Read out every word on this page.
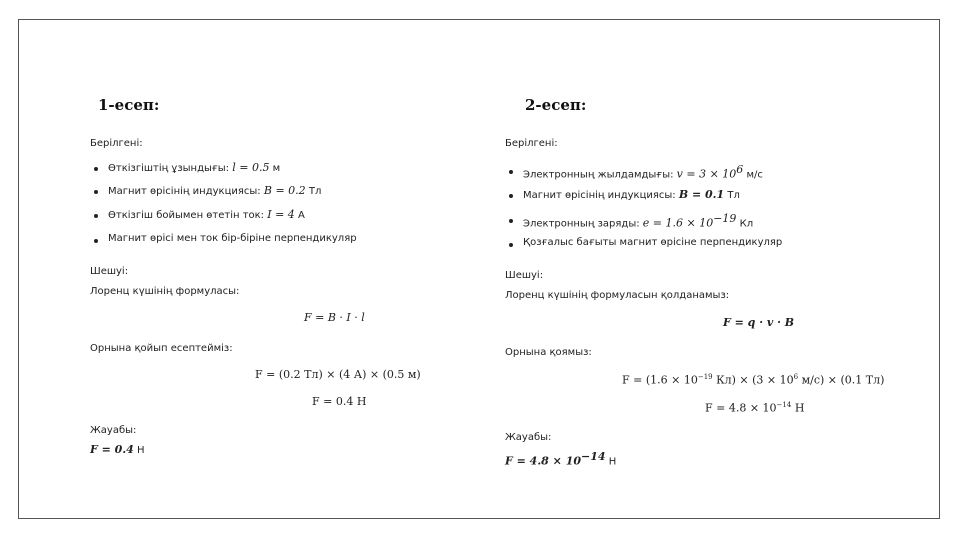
1-есеп:
Берілгені:
Өткізгіштің ұзындығы: l = 0.5 м
Магнит өрісінің индукциясы: B = 0.2 Тл
Өткізгіш бойымен өтетін ток: I = 4 А
Магнит өрісі мен ток бір-біріне перпендикуляр
Шешуі:
Лоренц күшінің формуласы:
F = B · I · l
Орнына қойып есептейміз:
F = (0.2 Тл) × (4 А) × (0.5 м)
F = 0.4 Н
Жауабы:
F = 0.4 Н
2-есеп:
Берілгені:
Электронның жылдамдығы: $v = 3 \times 10^6$ м/с
Магнит өрісінің индукциясы: B = 0.1 Тл
Электронның заряды: $e = 1.6 \times 10^{-19}$ Кл
Қозғалыс бағыты магнит өрісіне перпендикуляр
Шешуі:
Лоренц күшінің формуласын қолданамыз:
F = q · v · B
Орнына қоямыз:
$F = (1.6 \times 10^{-19}$ $Кл) \times (3 \times 10^6$ м/с) × (0.1 Тл)
$F = 4.8 \times 10^{-14}$ Н
Жауабы:
$F = 4.8 \times 10^{-14}$ Н
